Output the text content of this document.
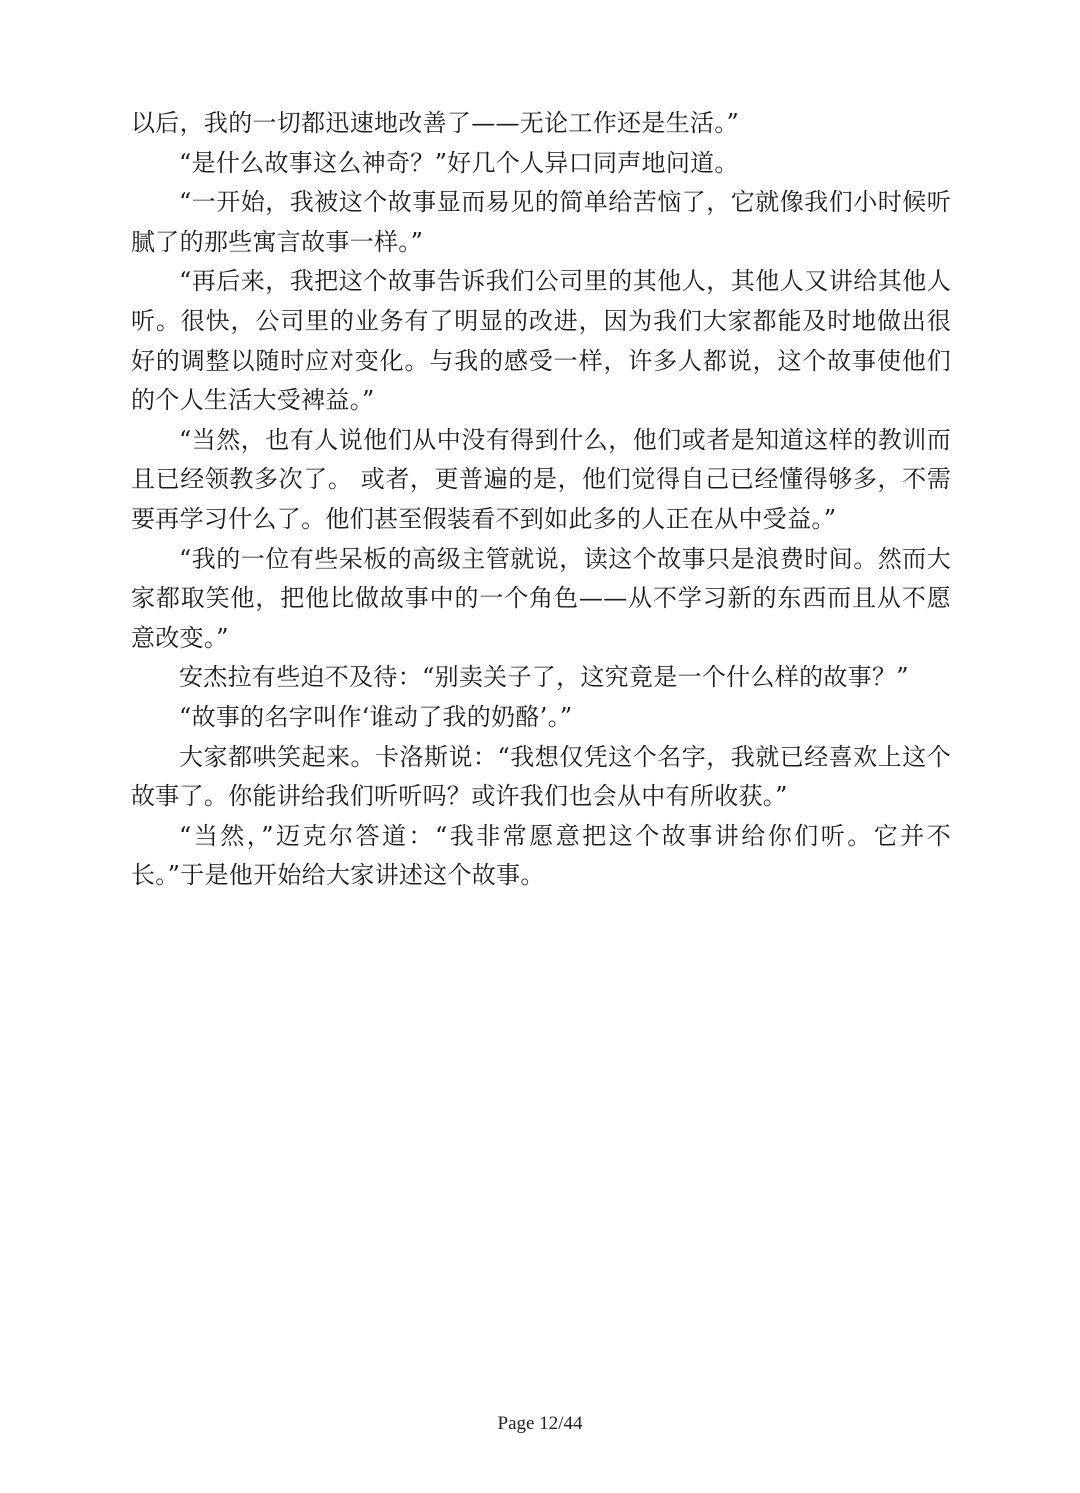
以后，我的一切都迅速地改善了——无论工作还是生活。”

“是什么故事这么神奇？”好几个人异口同声地问道。

“一开始，我被这个故事显而易见的简单给苦恼了，它就像我们小时候听腻了的那些寓言故事一样。”

“再后来，我把这个故事告诉我们公司里的其他人，其他人又讲给其他人听。很快，公司里的业务有了明显的改进，因为我们大家都能及时地做出很好的调整以随时应对变化。与我的感受一样，许多人都说，这个故事使他们的个人生活大受裨益。”

“当然，也有人说他们从中没有得到什么，他们或者是知道这样的教训而且已经领教多次了。 或者，更普遍的是，他们觉得自己已经懂得够多，不需要再学习什么了。他们甚至假装看不到如此多的人正在从中受益。”

“我的一位有些呆板的高级主管就说，读这个故事只是浪费时间。然而大家都取笑他，把他比做故事中的一个角色——从不学习新的东西而且从不愿意改变。”

安杰拉有些迫不及待：“别卖关子了，这究竟是一个什么样的故事？”

“故事的名字叫作‘谁动了我的奶酪’。”

大家都哄笑起来。卡洛斯说：“我想仅凭这个名字，我就已经喜欢上这个故事了。你能讲给我们听听吗？或许我们也会从中有所收获。”

“当然，”迈克尔答道：“我非常愿意把这个故事讲给你们听。它并不长。”于是他开始给大家讲述这个故事。

Page 12/44
